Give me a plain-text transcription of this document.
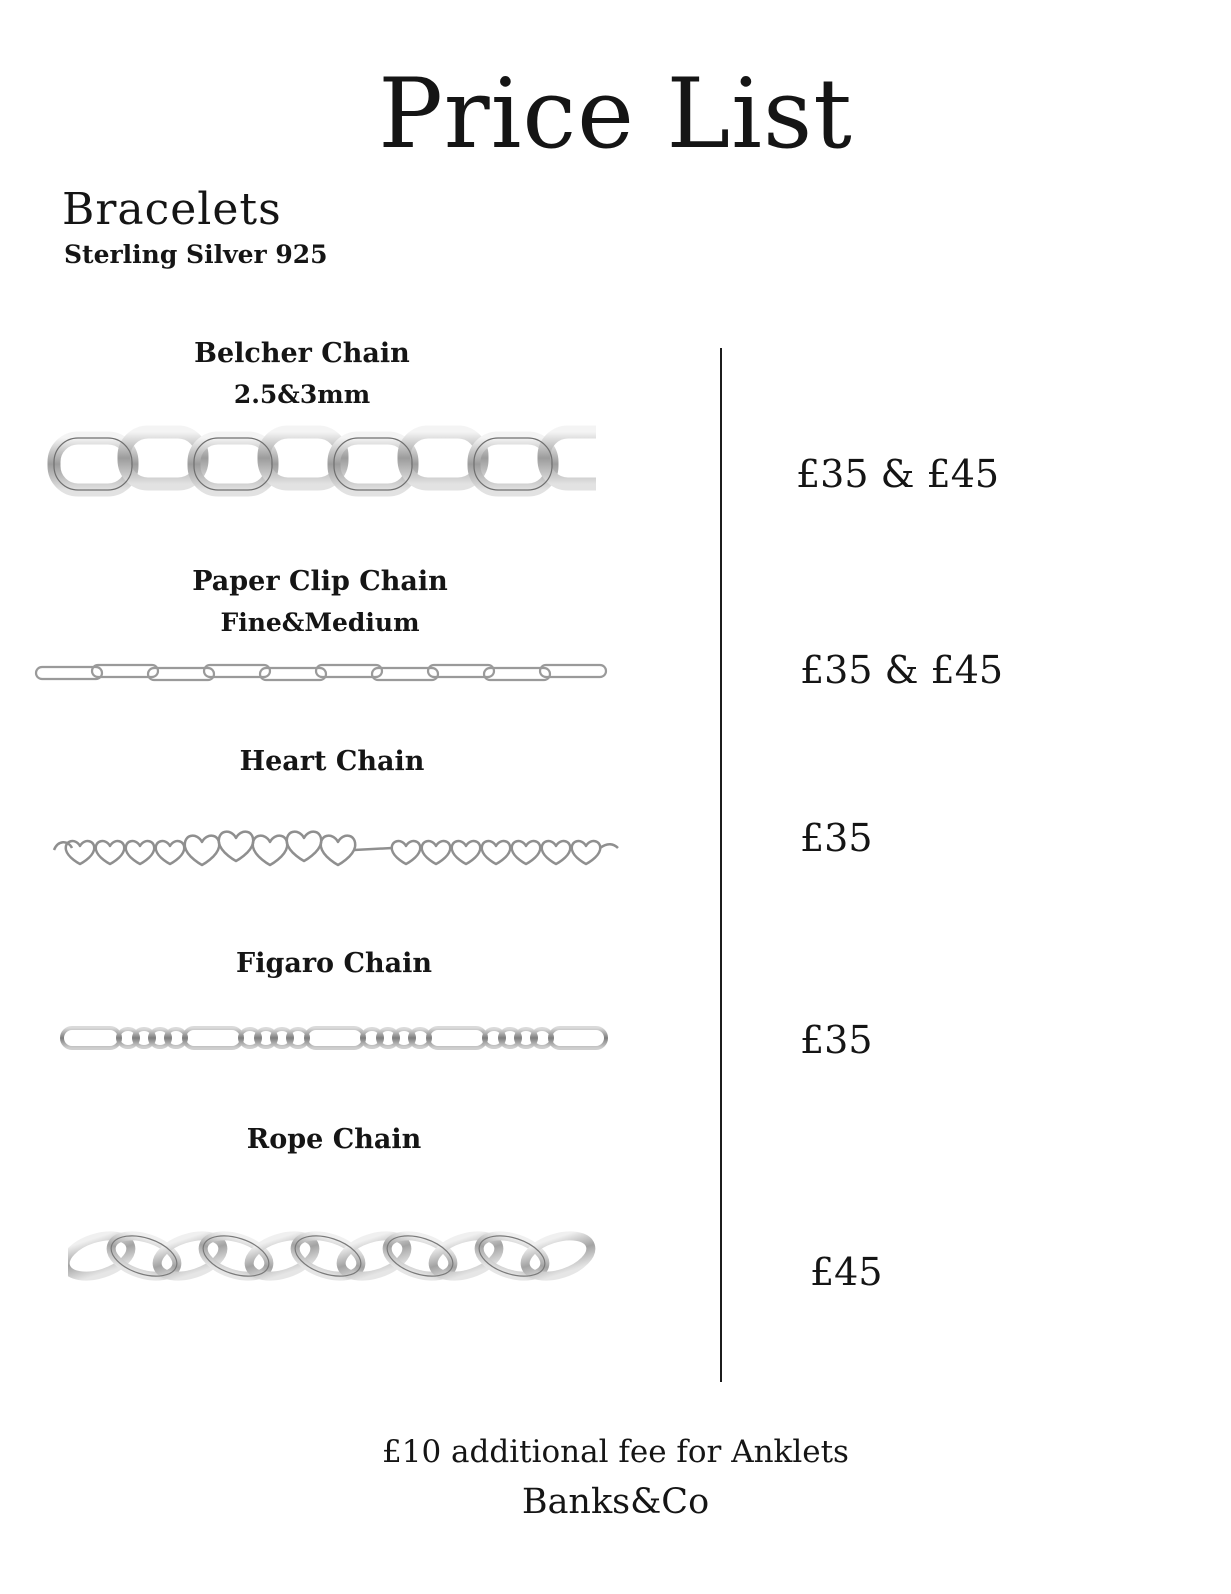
Price List
Bracelets
Sterling Silver 925
Belcher Chain
2.5&3mm
£35 & £45
Paper Clip Chain
Fine&Medium
£35 & £45
Heart Chain
£35
Figaro Chain
£35
Rope Chain
£45
£10 additional fee for Anklets
Banks&Co
